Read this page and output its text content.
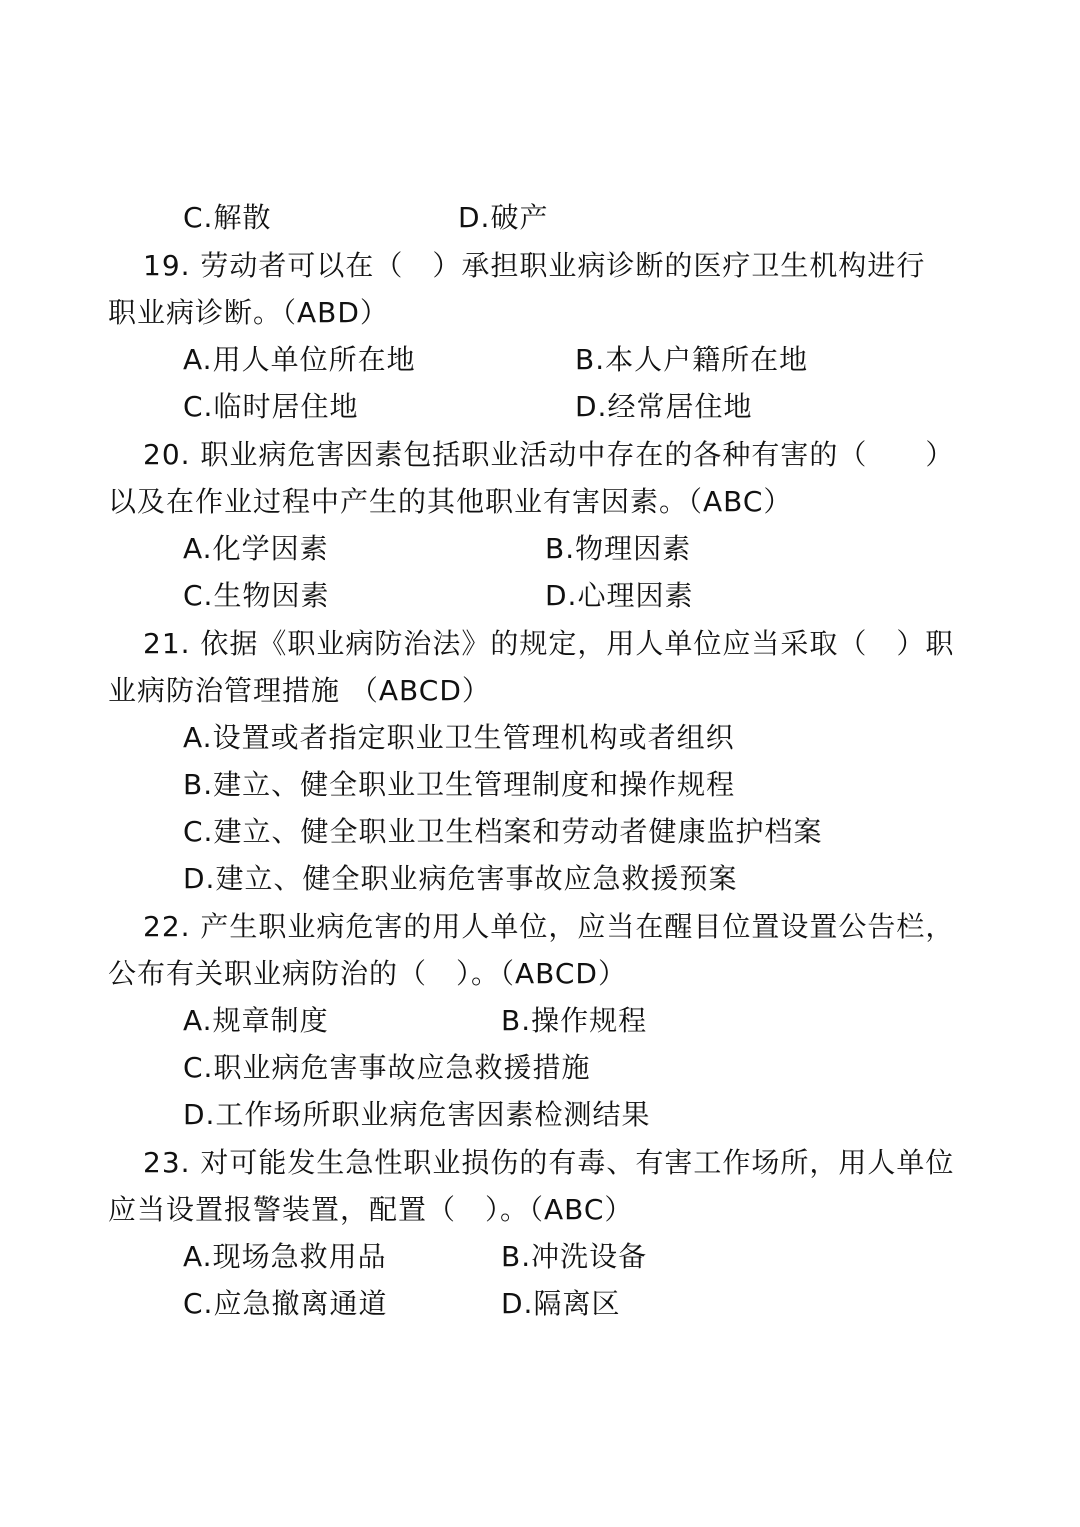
C.解散	D.破产
19. 劳动者可以在（　）承担职业病诊断的医疗卫生机构进行
职业病诊断。（ABD）
A.用人单位所在地	B.本人户籍所在地
C.临时居住地	D.经常居住地
20. 职业病危害因素包括职业活动中存在的各种有害的（　　）
以及在作业过程中产生的其他职业有害因素。（ABC）
A.化学因素	B.物理因素
C.生物因素	D.心理因素
21. 依据《职业病防治法》的规定，用人单位应当采取（　）职
业病防治管理措施 （ABCD）
A.设置或者指定职业卫生管理机构或者组织
B.建立、健全职业卫生管理制度和操作规程
C.建立、健全职业卫生档案和劳动者健康监护档案
D.建立、健全职业病危害事故应急救援预案
22. 产生职业病危害的用人单位，应当在醒目位置设置公告栏，
公布有关职业病防治的（　）。（ABCD）
A.规章制度	B.操作规程
C.职业病危害事故应急救援措施
D.工作场所职业病危害因素检测结果
23. 对可能发生急性职业损伤的有毒、有害工作场所，用人单位
应当设置报警装置，配置（　）。（ABC）
A.现场急救用品	B.冲洗设备
C.应急撤离通道	D.隔离区
